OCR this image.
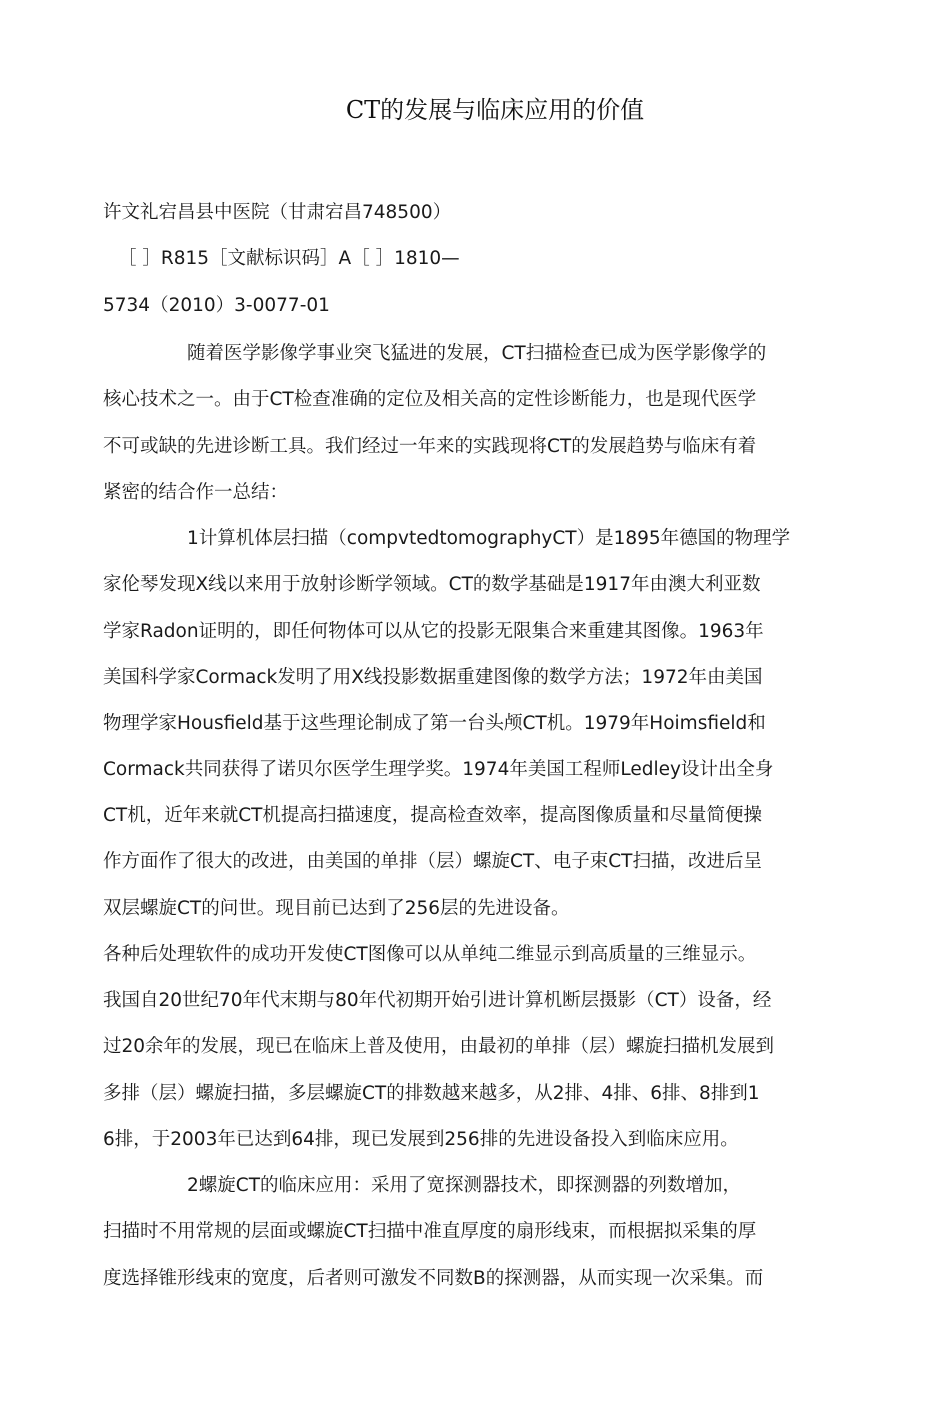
CT的发展与临床应用的价值
许文礼宕昌县中医院（甘肃宕昌748500）
［ ］R815［文献标识码］A［ ］1810—
5734（2010）3-0077-01
随着医学影像学事业突飞猛进的发展，CT扫描检查已成为医学影像学的
核心技术之一。由于CT检查准确的定位及相关高的定性诊断能力，也是现代医学
不可或缺的先进诊断工具。我们经过一年来的实践现将CT的发展趋势与临床有着
紧密的结合作一总结：
1计算机体层扫描（compvtedtomographyCT）是1895年德国的物理学
家伦琴发现X线以来用于放射诊断学领域。CT的数学基础是1917年由澳大利亚数
学家Radon证明的，即任何物体可以从它的投影无限集合来重建其图像。1963年
美国科学家Cormack发明了用X线投影数据重建图像的数学方法；1972年由美国
物理学家Housfield基于这些理论制成了第一台头颅CT机。1979年Hoimsfield和
Cormack共同获得了诺贝尔医学生理学奖。1974年美国工程师Ledley设计出全身
CT机，近年来就CT机提高扫描速度，提高检查效率，提高图像质量和尽量简便操
作方面作了很大的改进，由美国的单排（层）螺旋CT、电子束CT扫描，改进后呈
双层螺旋CT的问世。现目前已达到了256层的先进设备。
各种后处理软件的成功开发使CT图像可以从单纯二维显示到高质量的三维显示。
我国自20世纪70年代末期与80年代初期开始引进计算机断层摄影（CT）设备，经
过20余年的发展，现已在临床上普及使用，由最初的单排（层）螺旋扫描机发展到
多排（层）螺旋扫描，多层螺旋CT的排数越来越多，从2排、4排、6排、8排到1
6排，于2003年已达到64排，现已发展到256排的先进设备投入到临床应用。
2螺旋CT的临床应用：采用了宽探测器技术，即探测器的列数增加，
扫描时不用常规的层面或螺旋CT扫描中准直厚度的扇形线束，而根据拟采集的厚
度选择锥形线束的宽度，后者则可激发不同数B的探测器，从而实现一次采集。而
